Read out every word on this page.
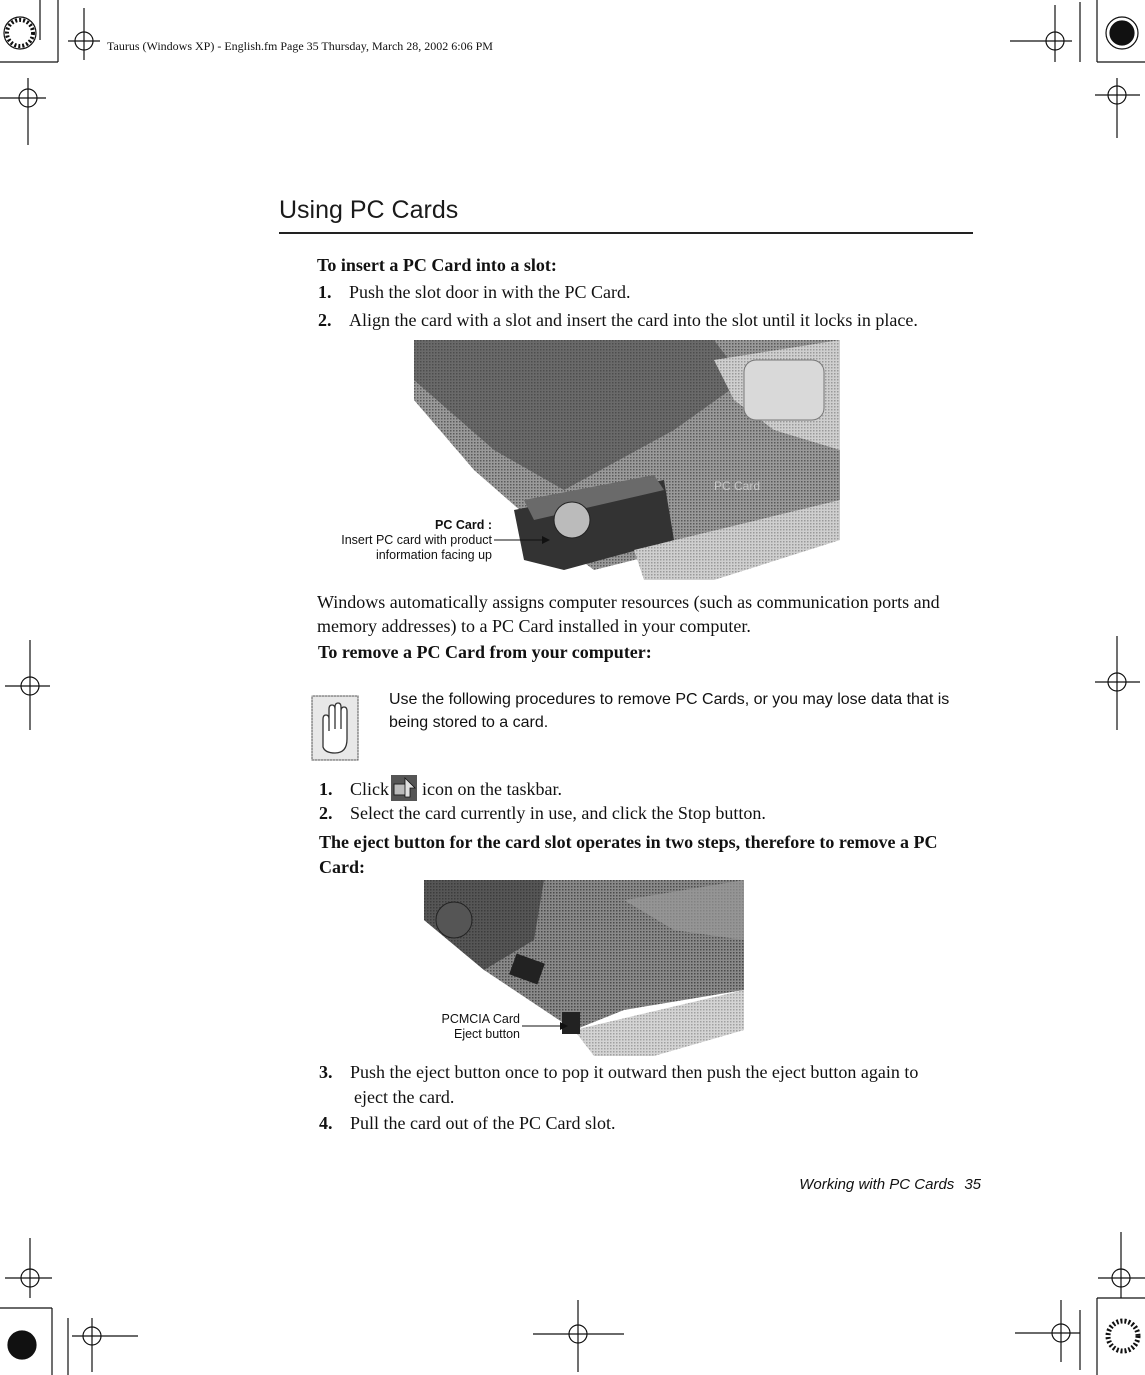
Taurus (Windows XP) - English.fm Page 35 Thursday, March 28, 2002 6:06 PM
Using PC Cards
To insert a PC Card into a slot:
1. Push the slot door in with the PC Card.
2. Align the card with a slot and insert the card into the slot until it locks in place.
PC Card
PC Card :
Insert PC card with product
information facing up
Windows automatically assigns computer resources (such as communication ports and memory addresses) to a PC Card installed in your computer.
To remove a PC Card from your computer:
Use the following procedures to remove PC Cards, or you may lose data that is being stored to a card.
1. Click icon on the taskbar.
2. Select the card currently in use, and click the Stop button.
The eject button for the card slot operates in two steps, therefore to remove a PC Card:
PCMCIA Card
Eject button
3. Push the eject button once to pop it outward then push the eject button again to
eject the card.
4. Pull the card out of the PC Card slot.
Working with PC Cards 35
